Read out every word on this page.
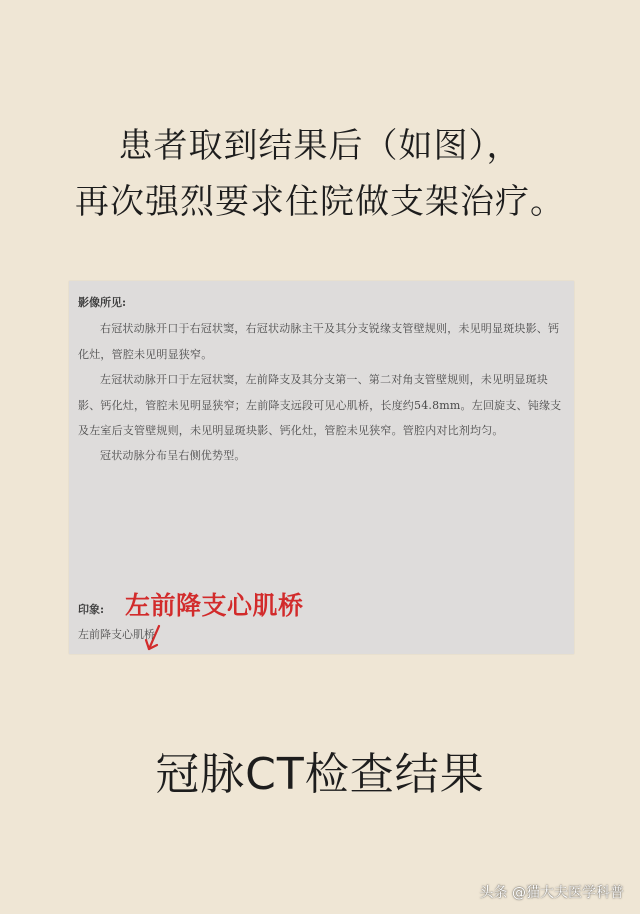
患者取到结果后（如图），
再次强烈要求住院做支架治疗。
影像所见:
右冠状动脉开口于右冠状窦，右冠状动脉主干及其分支锐缘支管壁规则，未见明显斑块影、钙化灶，管腔未见明显狭窄。
左冠状动脉开口于左冠状窦，左前降支及其分支第一、第二对角支管壁规则，未见明显斑块影、钙化灶，管腔未见明显狭窄；左前降支远段可见心肌桥，长度约54.8mm。左回旋支、钝缘支及左室后支管壁规则，未见明显斑块影、钙化灶，管腔未见狭窄。管腔内对比剂均匀。
冠状动脉分布呈右侧优势型。
左前降支心肌桥
印象:
左前降支心肌桥
冠脉CT检查结果
头条 @猫大夫医学科普
